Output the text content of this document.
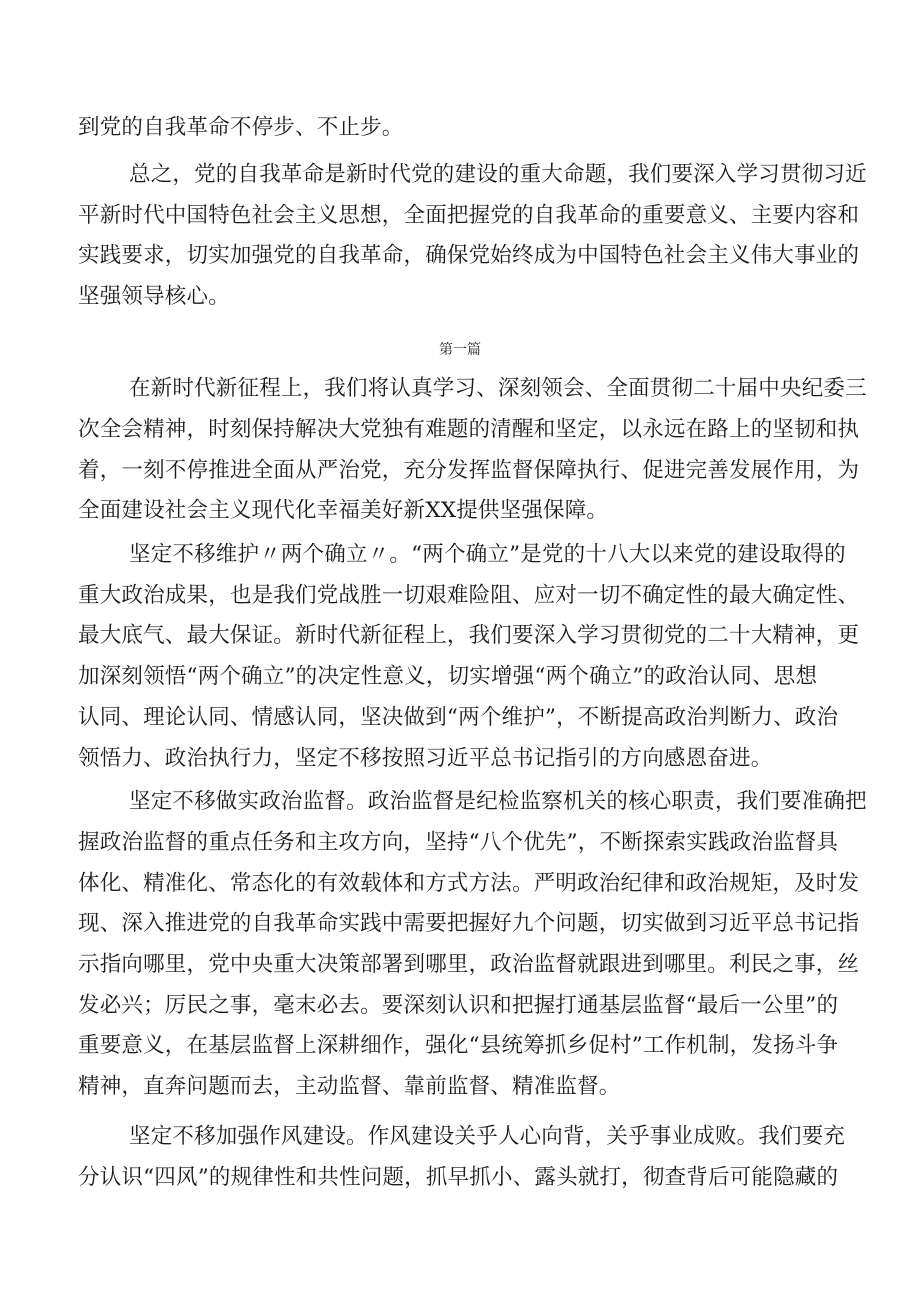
到党的自我革命不停步、不止步。
总之，党的自我革命是新时代党的建设的重大命题，我们要深入学习贯彻习近
平新时代中国特色社会主义思想，全面把握党的自我革命的重要意义、主要内容和
实践要求，切实加强党的自我革命，确保党始终成为中国特色社会主义伟大事业的
坚强领导核心。
第一篇
在新时代新征程上，我们将认真学习、深刻领会、全面贯彻二十届中央纪委三
次全会精神，时刻保持解决大党独有难题的清醒和坚定，以永远在路上的坚韧和执
着，一刻不停推进全面从严治党，充分发挥监督保障执行、促进完善发展作用，为
全面建设社会主义现代化幸福美好新XX提供坚强保障。
坚定不移维护〃两个确立〃。“两个确立”是党的十八大以来党的建设取得的
重大政治成果，也是我们党战胜一切艰难险阻、应对一切不确定性的最大确定性、
最大底气、最大保证。新时代新征程上，我们要深入学习贯彻党的二十大精神，更
加深刻领悟“两个确立”的决定性意义，切实增强“两个确立”的政治认同、思想
认同、理论认同、情感认同，坚决做到“两个维护”，不断提高政治判断力、政治
领悟力、政治执行力，坚定不移按照习近平总书记指引的方向感恩奋进。
坚定不移做实政治监督。政治监督是纪检监察机关的核心职责，我们要准确把
握政治监督的重点任务和主攻方向，坚持“八个优先”，不断探索实践政治监督具
体化、精准化、常态化的有效载体和方式方法。严明政治纪律和政治规矩，及时发
现、深入推进党的自我革命实践中需要把握好九个问题，切实做到习近平总书记指
示指向哪里，党中央重大决策部署到哪里，政治监督就跟进到哪里。利民之事，丝
发必兴；厉民之事，毫末必去。要深刻认识和把握打通基层监督“最后一公里”的
重要意义，在基层监督上深耕细作，强化“县统筹抓乡促村”工作机制，发扬斗争
精神，直奔问题而去，主动监督、靠前监督、精准监督。
坚定不移加强作风建设。作风建设关乎人心向背，关乎事业成败。我们要充
分认识“四风”的规律性和共性问题，抓早抓小、露头就打，彻查背后可能隐藏的
